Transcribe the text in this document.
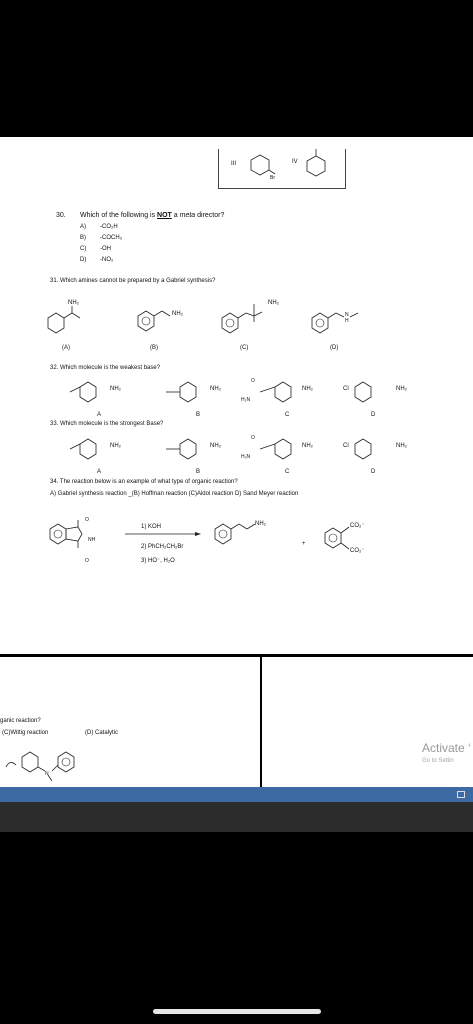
III	IV
Br
30. Which of the following is NOT a meta director?
A) -CO₂H
B) -COCH₃
C) -OH
D) -NO₂
31. Which amines cannot be prepared by a Gabriel synthesis?
NH₂
NH₂
NH₂
N
H
(A)	(B)	(C)	(D)
32. Which molecule is the weakest base?
NH₂	NH₂
O
H₂N
NH₂	Cl	NH₂
A	B	C	D
33. Which molecule is the strongest Base?
NH₂	NH₂
O
H₂N
NH₂	Cl	NH₂
A	B	C	D
34. The reaction below is an example of what type of organic reaction?
A) Gabriel synthesis reaction _(B) Hoffman reaction (C)Aldol reaction D) Sand Meyer reaction
O
NH
O
1) KOH
2) PhCH₂CH₂Br
3) HO⁻, H₂O
NH₂
+
CO₂⁻
CO₂⁻
ganic reaction?
(C)Wittig reaction	(D) Catalytic
N
Activate ‘
Go to Settin
